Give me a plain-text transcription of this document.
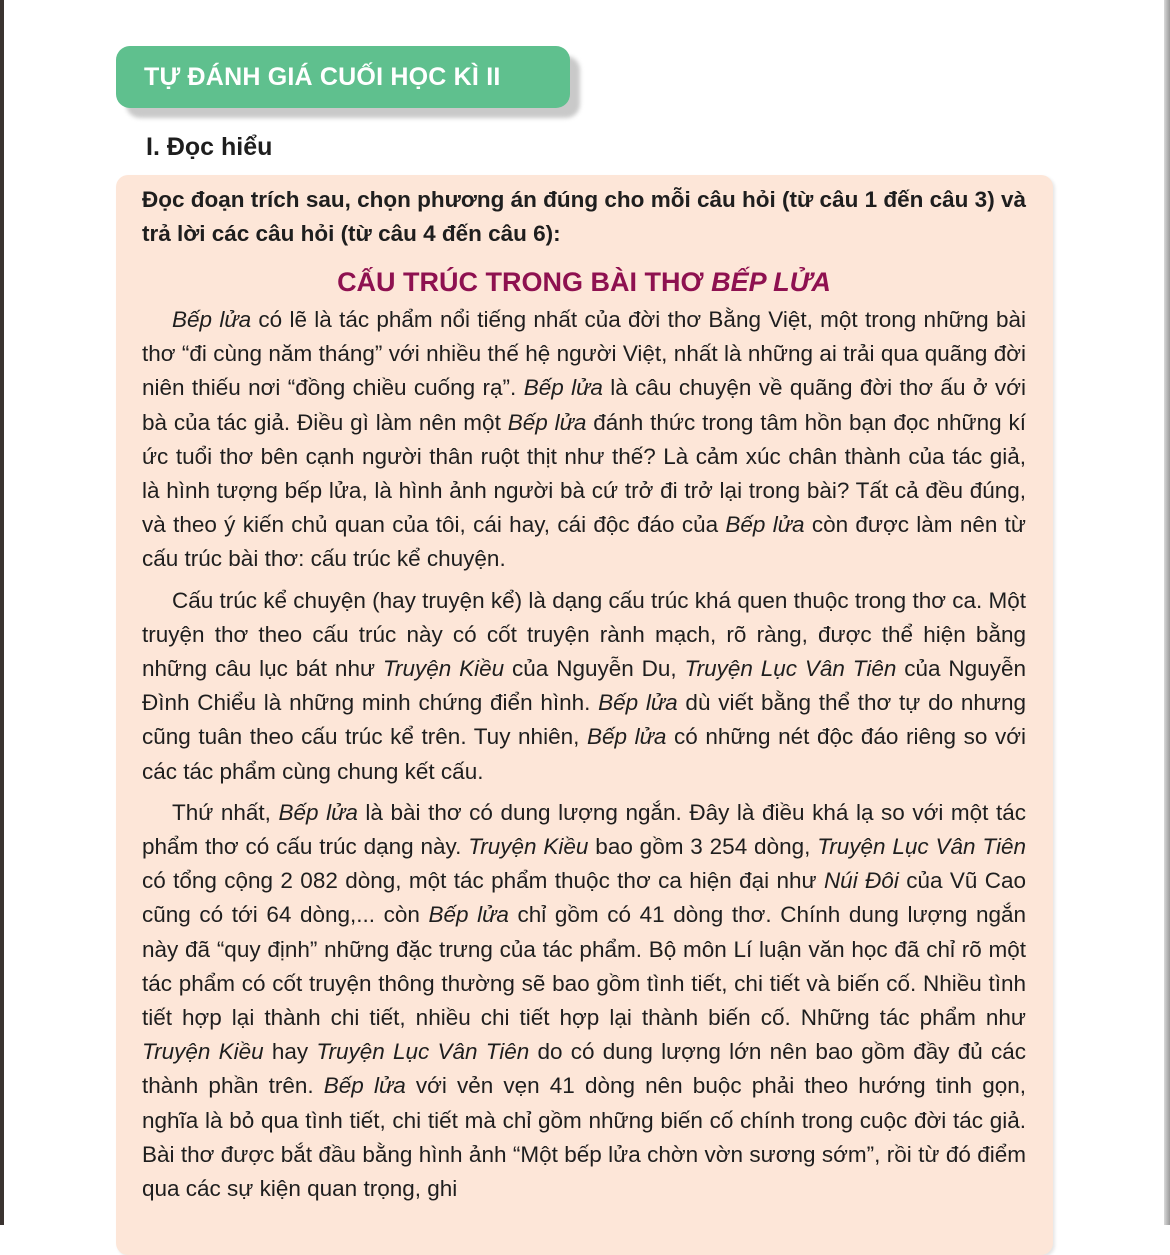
TỰ ĐÁNH GIÁ CUỐI HỌC KÌ II
I. Đọc hiểu

Đọc đoạn trích sau, chọn phương án đúng cho mỗi câu hỏi (từ câu 1 đến câu 3) và trả lời các câu hỏi (từ câu 4 đến câu 6):

CẤU TRÚC TRONG BÀI THƠ BẾP LỬA

Bếp lửa có lẽ là tác phẩm nổi tiếng nhất của đời thơ Bằng Việt, một trong những bài thơ “đi cùng năm tháng” với nhiều thế hệ người Việt, nhất là những ai trải qua quãng đời niên thiếu nơi “đồng chiều cuống rạ”. Bếp lửa là câu chuyện về quãng đời thơ ấu ở với bà của tác giả. Điều gì làm nên một Bếp lửa đánh thức trong tâm hồn bạn đọc những kí ức tuổi thơ bên cạnh người thân ruột thịt như thế? Là cảm xúc chân thành của tác giả, là hình tượng bếp lửa, là hình ảnh người bà cứ trở đi trở lại trong bài? Tất cả đều đúng, và theo ý kiến chủ quan của tôi, cái hay, cái độc đáo của Bếp lửa còn được làm nên từ cấu trúc bài thơ: cấu trúc kể chuyện.

Cấu trúc kể chuyện (hay truyện kể) là dạng cấu trúc khá quen thuộc trong thơ ca. Một truyện thơ theo cấu trúc này có cốt truyện rành mạch, rõ ràng, được thể hiện bằng những câu lục bát như Truyện Kiều của Nguyễn Du, Truyện Lục Vân Tiên của Nguyễn Đình Chiểu là những minh chứng điển hình. Bếp lửa dù viết bằng thể thơ tự do nhưng cũng tuân theo cấu trúc kể trên. Tuy nhiên, Bếp lửa có những nét độc đáo riêng so với các tác phẩm cùng chung kết cấu.

Thứ nhất, Bếp lửa là bài thơ có dung lượng ngắn. Đây là điều khá lạ so với một tác phẩm thơ có cấu trúc dạng này. Truyện Kiều bao gồm 3 254 dòng, Truyện Lục Vân Tiên có tổng cộng 2 082 dòng, một tác phẩm thuộc thơ ca hiện đại như Núi Đôi của Vũ Cao cũng có tới 64 dòng,... còn Bếp lửa chỉ gồm có 41 dòng thơ. Chính dung lượng ngắn này đã “quy định” những đặc trưng của tác phẩm. Bộ môn Lí luận văn học đã chỉ rõ một tác phẩm có cốt truyện thông thường sẽ bao gồm tình tiết, chi tiết và biến cố. Nhiều tình tiết hợp lại thành chi tiết, nhiều chi tiết hợp lại thành biến cố. Những tác phẩm như Truyện Kiều hay Truyện Lục Vân Tiên do có dung lượng lớn nên bao gồm đầy đủ các thành phần trên. Bếp lửa với vẻn vẹn 41 dòng nên buộc phải theo hướng tinh gọn, nghĩa là bỏ qua tình tiết, chi tiết mà chỉ gồm những biến cố chính trong cuộc đời tác giả. Bài thơ được bắt đầu bằng hình ảnh “Một bếp lửa chờn vờn sương sớm”, rồi từ đó điểm qua các sự kiện quan trọng, ghi
